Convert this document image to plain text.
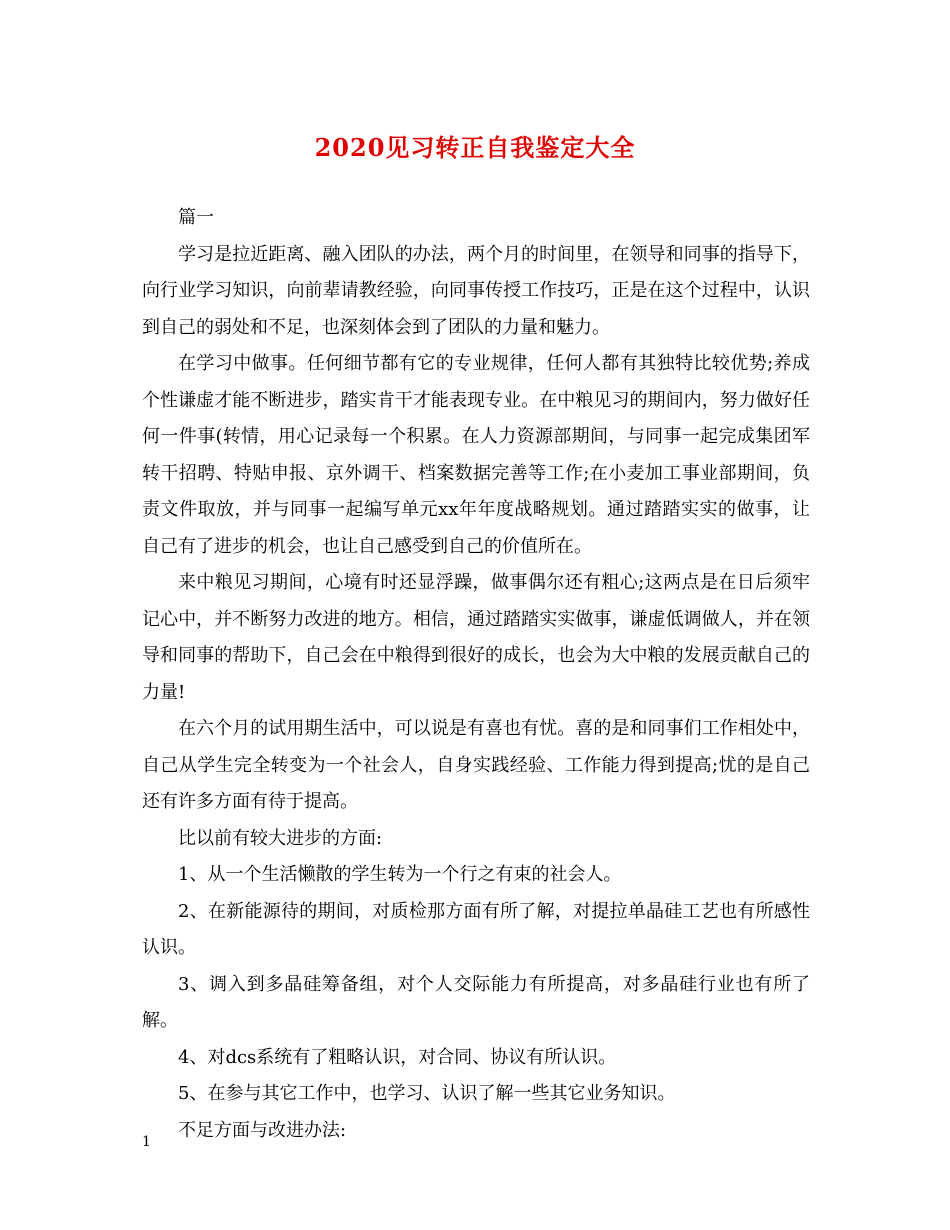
2020见习转正自我鉴定大全

篇一

学习是拉近距离、融入团队的办法，两个月的时间里，在领导和同事的指导下，向行业学习知识，向前辈请教经验，向同事传授工作技巧，正是在这个过程中，认识到自己的弱处和不足，也深刻体会到了团队的力量和魅力。

在学习中做事。任何细节都有它的专业规律，任何人都有其独特比较优势;养成个性谦虚才能不断进步，踏实肯干才能表现专业。在中粮见习的期间内，努力做好任何一件事(转情，用心记录每一个积累。在人力资源部期间，与同事一起完成集团军转干招聘、特贴申报、京外调干、档案数据完善等工作;在小麦加工事业部期间，负责文件取放，并与同事一起编写单元xx年年度战略规划。通过踏踏实实的做事，让自己有了进步的机会，也让自己感受到自己的价值所在。

来中粮见习期间，心境有时还显浮躁，做事偶尔还有粗心;这两点是在日后须牢记心中，并不断努力改进的地方。相信，通过踏踏实实做事，谦虚低调做人，并在领导和同事的帮助下，自己会在中粮得到很好的成长，也会为大中粮的发展贡献自己的力量!

在六个月的试用期生活中，可以说是有喜也有忧。喜的是和同事们工作相处中，自己从学生完全转变为一个社会人，自身实践经验、工作能力得到提高;忧的是自己还有许多方面有待于提高。

比以前有较大进步的方面:

1、从一个生活懒散的学生转为一个行之有束的社会人。

2、在新能源待的期间，对质检那方面有所了解，对提拉单晶硅工艺也有所感性认识。

3、调入到多晶硅筹备组，对个人交际能力有所提高，对多晶硅行业也有所了解。

4、对dcs系统有了粗略认识，对合同、协议有所认识。

5、在参与其它工作中，也学习、认识了解一些其它业务知识。

不足方面与改进办法:

1
